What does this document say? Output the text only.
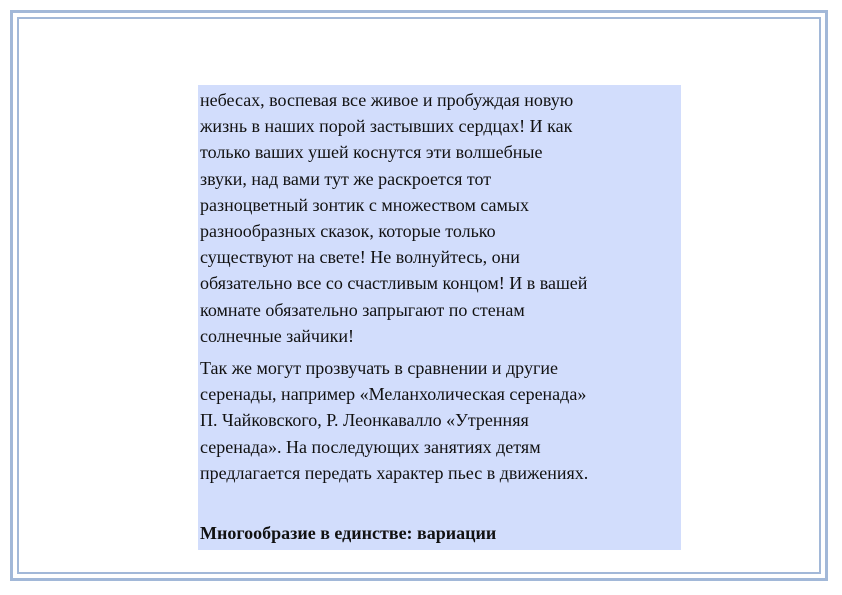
небесах, воспевая все живое и пробуждая новую
жизнь в наших порой застывших сердцах! И как
только ваших ушей коснутся эти волшебные
звуки, над вами тут же раскроется тот
разноцветный зонтик с множеством самых
разнообразных сказок, которые только
существуют на свете! Не волнуйтесь, они
обязательно все со счастливым концом! И в вашей
комнате обязательно запрыгают по стенам
солнечные зайчики!

Так же могут прозвучать в сравнении и другие
серенады, например «Меланхолическая серенада»
П. Чайковского, Р. Леонкавалло «Утренняя
серенада». На последующих занятиях детям
предлагается передать характер пьес в движениях.

Многообразие в единстве: вариации
